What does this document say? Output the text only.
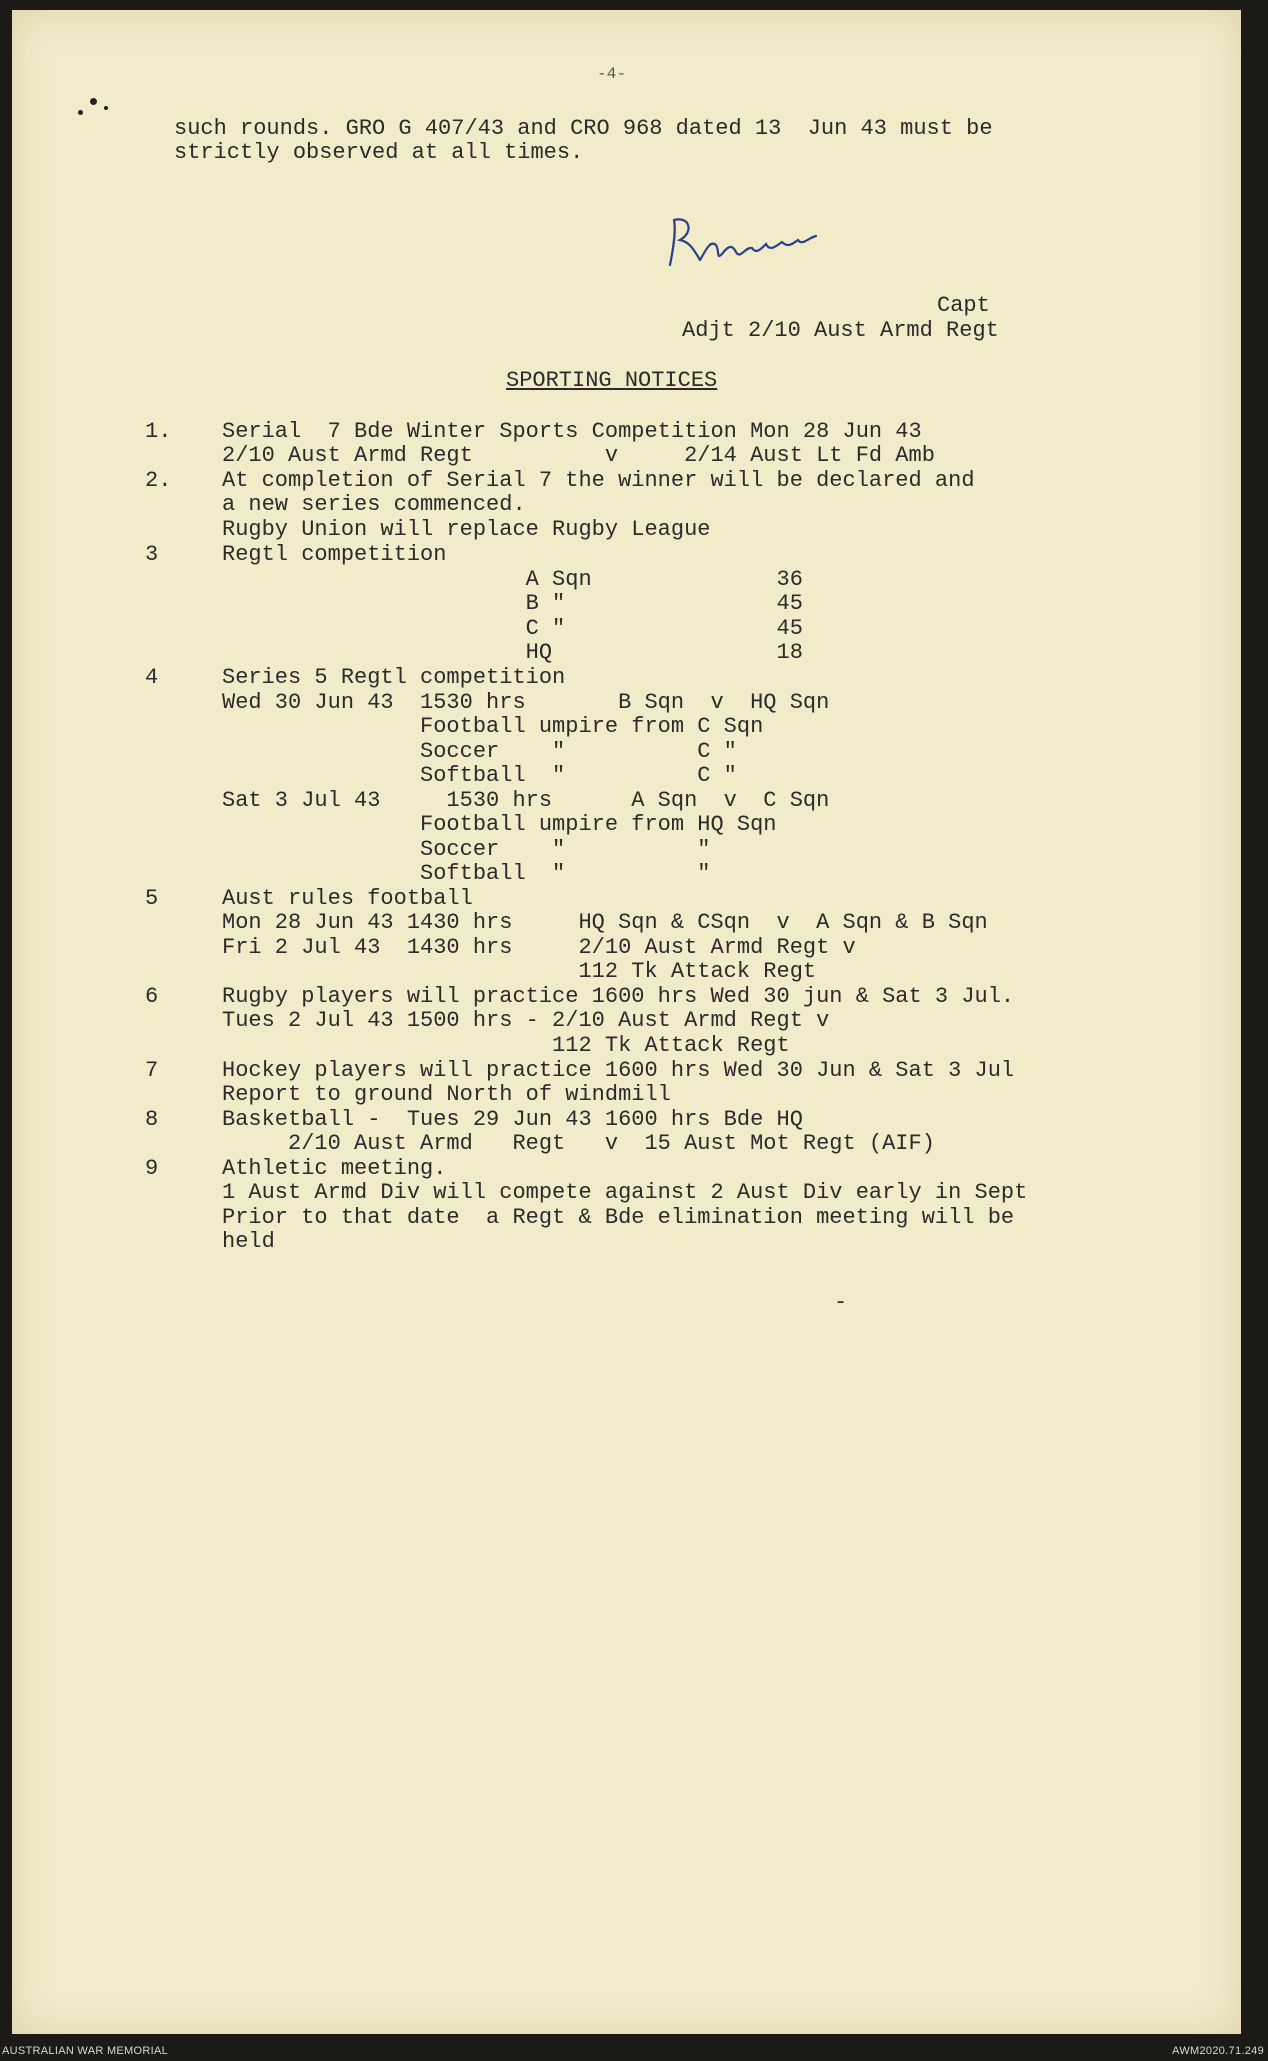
-4-
such rounds. GRO G 407/43 and CRO 968 dated 13  Jun 43 must be
strictly observed at all times.
Capt
Adjt 2/10 Aust Armd Regt
SPORTING NOTICES
1. Serial  7 Bde Winter Sports Competition Mon 28 Jun 43
2/10 Aust Armd Regt          v     2/14 Aust Lt Fd Amb
2. At completion of Serial 7 the winner will be declared and
a new series commenced.
Rugby Union will replace Rugby League
3	Regtl competition
A Sqn              36
B "                45
C "                45
HQ                 18
4	Series 5 Regtl competition
Wed 30 Jun 43  1530 hrs       B Sqn  v  HQ Sqn
Football umpire from C Sqn
Soccer    "          C "
Softball  "          C "
Sat 3 Jul 43     1530 hrs      A Sqn  v  C Sqn
Football umpire from HQ Sqn
Soccer    "          "
Softball  "          "
5	Aust rules football
Mon 28 Jun 43 1430 hrs     HQ Sqn & CSqn  v  A Sqn & B Sqn
Fri 2 Jul 43  1430 hrs     2/10 Aust Armd Regt v
112 Tk Attack Regt
6	Rugby players will practice 1600 hrs Wed 30 jun & Sat 3 Jul.
Tues 2 Jul 43 1500 hrs - 2/10 Aust Armd Regt v
112 Tk Attack Regt
7	Hockey players will practice 1600 hrs Wed 30 Jun & Sat 3 Jul
Report to ground North of windmill
8	Basketball -  Tues 29 Jun 43 1600 hrs Bde HQ
2/10 Aust Armd   Regt   v  15 Aust Mot Regt (AIF)
9	Athletic meeting.
1 Aust Armd Div will compete against 2 Aust Div early in Sept
Prior to that date  a Regt & Bde elimination meeting will be
held
-
AUSTRALIAN WAR MEMORIAL	AWM2020.71.249
